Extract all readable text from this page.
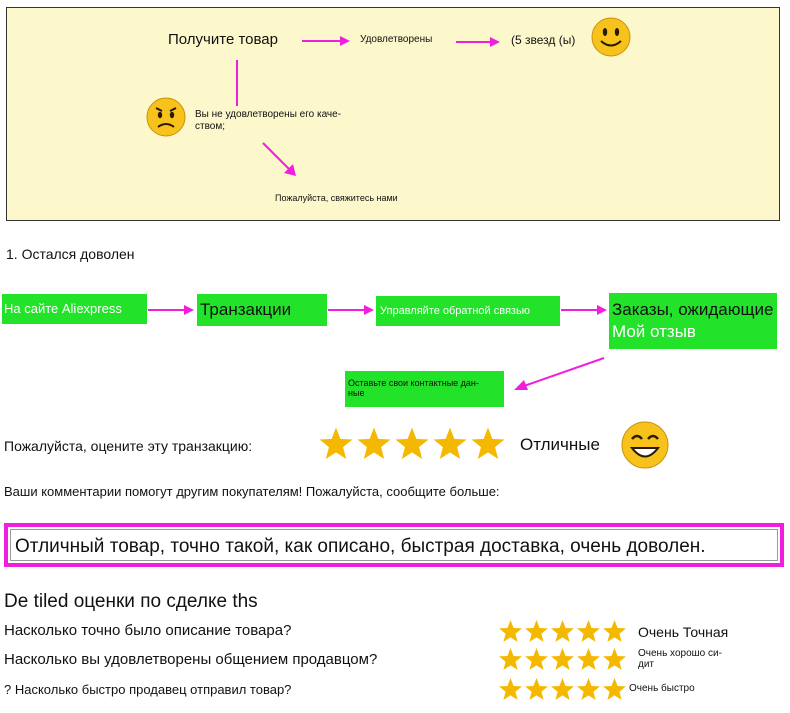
Получите товар	Удовлетворены	(5 звезд (ы)
Вы не удовлетворены его каче-
ством;
Пожалуйста, свяжитесь нами
1. Остался доволен
На сайте Aliexpress	Транзакции	Управляйте обратной связью	Заказы, ожидающие
Мой отзыв
Оставьте свои контактные дан-
ные
Пожалуйста, оцените эту транзакцию:	Отличные
Ваши комментарии помогут другим покупателям! Пожалуйста, сообщите больше:
Отличный товар, точно такой, как описано, быстрая доставка, очень доволен.
De tiled оценки по сделке ths
Насколько точно было описание товара?	Очень Точная
Насколько вы удовлетворены общением продавцом?	Очень хорошо си-
дит
? Насколько быстро продавец отправил товар?	Очень быстро
